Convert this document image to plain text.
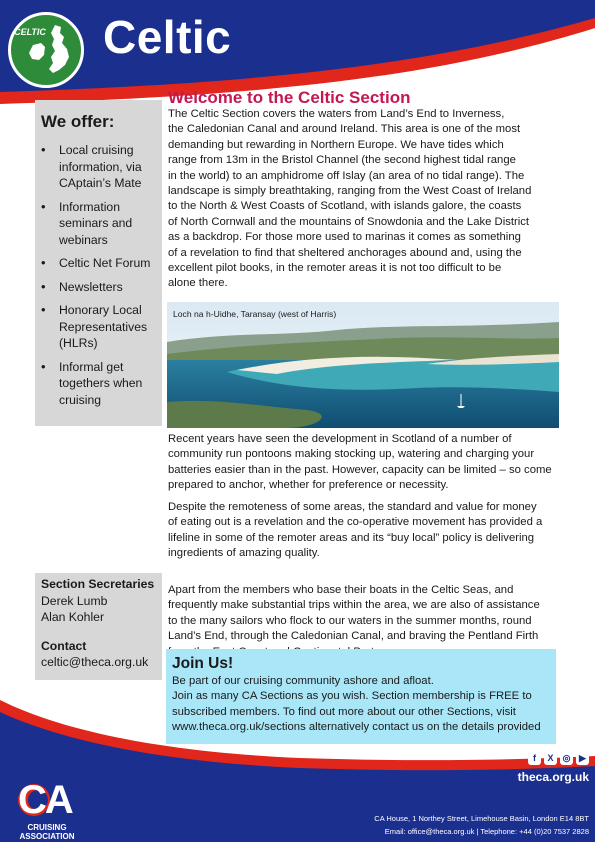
CELTIC Celtic
We offer:
• Local cruising information, via CAptain’s Mate
• Information seminars and webinars
• Celtic Net Forum
• Newsletters
• Honorary Local Representatives (HLRs)
• Informal get togethers when cruising
Welcome to the Celtic Section
The Celtic Section covers the waters from Land’s End to Inverness,
the Caledonian Canal and around Ireland. This area is one of the most
demanding but rewarding in Northern Europe. We have tides which
range from 13m in the Bristol Channel (the second highest tidal range
in the world) to an amphidrome off Islay (an area of no tidal range). The
landscape is simply breathtaking, ranging from the West Coast of Ireland
to the North & West Coasts of Scotland, with islands galore, the coasts
of North Cornwall and the mountains of Snowdonia and the Lake District
as a backdrop. For those more used to marinas it comes as something
of a revelation to find that sheltered anchorages abound and, using the
excellent pilot books, in the remoter areas it is not too difficult to be
alone there.
Loch na h-Uidhe, Taransay (west of Harris)
Recent years have seen the development in Scotland of a number of
community run pontoons making stocking up, watering and charging your
batteries easier than in the past. However, capacity can be limited – so come
prepared to anchor, whether for preference or necessity.
Despite the remoteness of some areas, the standard and value for money
of eating out is a revelation and the co-operative movement has provided a
lifeline in some of the remoter areas and its “buy local” policy is delivering
ingredients of amazing quality.
Apart from the members who base their boats in the Celtic Seas, and
frequently make substantial trips within the area, we are also of assistance
to the many sailors who flock to our waters in the summer months, round
Land’s End, through the Caledonian Canal, and braving the Pentland Firth
Section Secretaries
Derek Lumb
Alan Kohler
Contact
celtic@theca.org.uk	Join Us!
Be part of our cruising community ashore and afloat.
Join as many CA Sections as you wish. Section membership is FREE to
subscribed members. To find out more about our other Sections, visit
www.theca.org.uk/sections alternatively contact us on the details provided
CA
CRUISING
ASSOCIATION
f	X	◎ ▶
theca.org.uk
CA House, 1 Northey Street, Limehouse Basin, London E14 8BT
Email: office@theca.org.uk | Telephone: +44 (0)20 7537 2828
